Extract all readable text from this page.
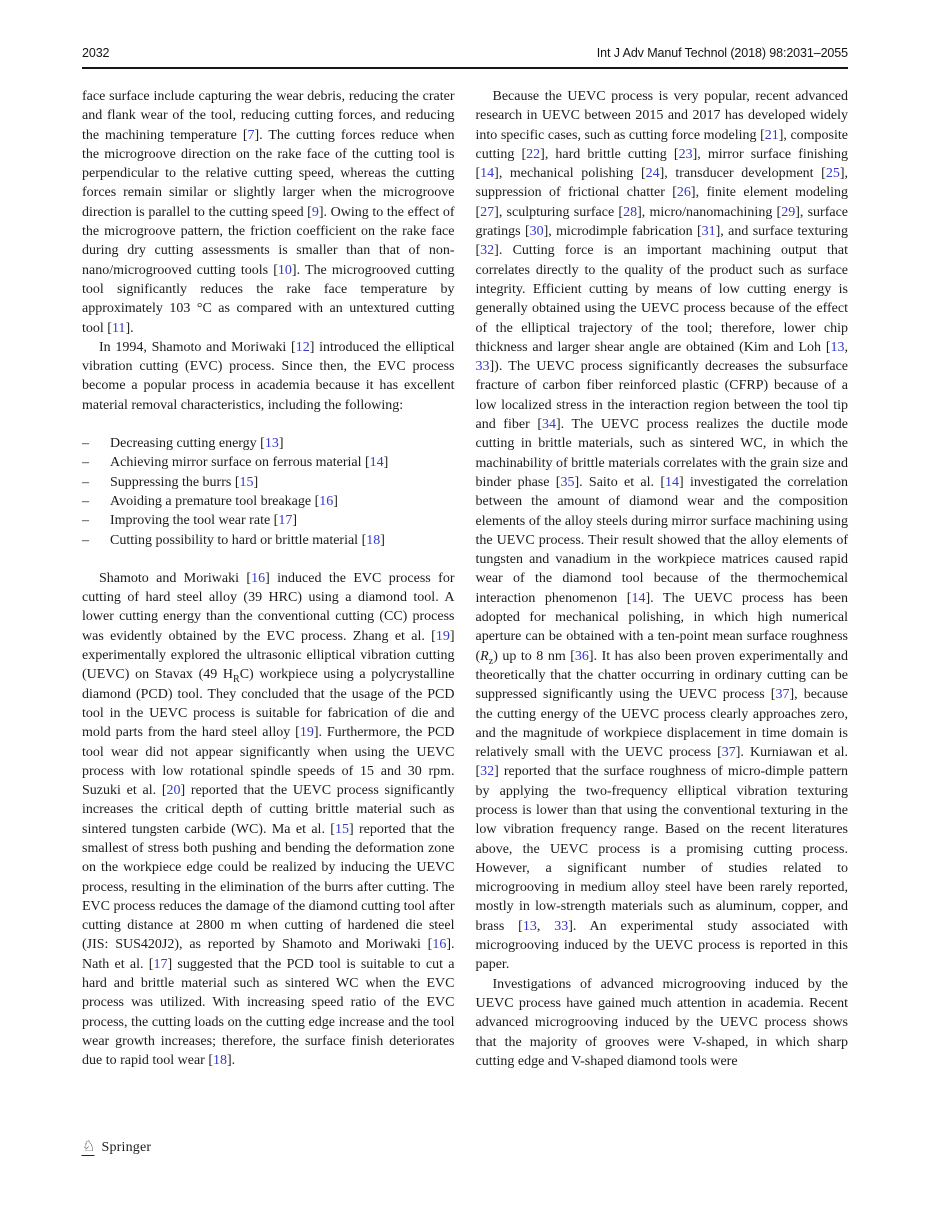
2032	Int J Adv Manuf Technol (2018) 98:2031–2055

face surface include capturing the wear debris, reducing the crater and flank wear of the tool, reducing cutting forces, and reducing the machining temperature [7]. The cutting forces reduce when the microgroove direction on the rake face of the cutting tool is perpendicular to the relative cutting speed, whereas the cutting forces remain similar or slightly larger when the microgroove direction is parallel to the cutting speed [9]. Owing to the effect of the microgroove pattern, the friction coefficient on the rake face during dry cutting assessments is smaller than that of non-nano/microgrooved cutting tools [10]. The microgrooved cutting tool significantly reduces the rake face temperature by approximately 103 °C as compared with an untextured cutting tool [11].

In 1994, Shamoto and Moriwaki [12] introduced the elliptical vibration cutting (EVC) process. Since then, the EVC process become a popular process in academia because it has excellent material removal characteristics, including the following:

–	Decreasing cutting energy [13]
–	Achieving mirror surface on ferrous material [14]
–	Suppressing the burrs [15]
–	Avoiding a premature tool breakage [16]
–	Improving the tool wear rate [17]
–	Cutting possibility to hard or brittle material [18]

Shamoto and Moriwaki [16] induced the EVC process for cutting of hard steel alloy (39 HRC) using a diamond tool. A lower cutting energy than the conventional cutting (CC) process was evidently obtained by the EVC process. Zhang et al. [19] experimentally explored the ultrasonic elliptical vibration cutting (UEVC) on Stavax (49 $H_RC$) workpiece using a polycrystalline diamond (PCD) tool. They concluded that the usage of the PCD tool in the UEVC process is suitable for fabrication of die and mold parts from the hard steel alloy [19]. Furthermore, the PCD tool wear did not appear significantly when using the UEVC process with low rotational spindle speeds of 15 and 30 rpm. Suzuki et al. [20] reported that the UEVC process significantly increases the critical depth of cutting brittle material such as sintered tungsten carbide (WC). Ma et al. [15] reported that the smallest of stress both pushing and bending the deformation zone on the workpiece edge could be realized by inducing the UEVC process, resulting in the elimination of the burrs after cutting. The EVC process reduces the damage of the diamond cutting tool after cutting distance at 2800 m when cutting of hardened die steel (JIS: SUS420J2), as reported by Shamoto and Moriwaki [16]. Nath et al. [17] suggested that the PCD tool is suitable to cut a hard and brittle material such as sintered WC when the EVC process was utilized. With increasing speed ratio of the EVC process, the cutting loads on the cutting edge increase and the tool wear growth increases; therefore, the surface finish deteriorates due to rapid tool wear [18].

Because the UEVC process is very popular, recent advanced research in UEVC between 2015 and 2017 has developed widely into specific cases, such as cutting force modeling [21], composite cutting [22], hard brittle cutting [23], mirror surface finishing [14], mechanical polishing [24], transducer development [25], suppression of frictional chatter [26], finite element modeling [27], sculpturing surface [28], micro/nanomachining [29], surface gratings [30], microdimple fabrication [31], and surface texturing [32]. Cutting force is an important machining output that correlates directly to the quality of the product such as surface integrity. Efficient cutting by means of low cutting energy is generally obtained using the UEVC process because of the effect of the elliptical trajectory of the tool; therefore, lower chip thickness and larger shear angle are obtained (Kim and Loh [13, 33]). The UEVC process significantly decreases the subsurface fracture of carbon fiber reinforced plastic (CFRP) because of a low localized stress in the interaction region between the tool tip and fiber [34]. The UEVC process realizes the ductile mode cutting in brittle materials, such as sintered WC, in which the machinability of brittle materials correlates with the grain size and binder phase [35]. Saito et al. [14] investigated the correlation between the amount of diamond wear and the composition elements of the alloy steels during mirror surface machining using the UEVC process. Their result showed that the alloy elements of tungsten and vanadium in the workpiece matrices caused rapid wear of the diamond tool because of the thermochemical interaction phenomenon [14]. The UEVC process has been adopted for mechanical polishing, in which high numerical aperture can be obtained with a ten-point mean surface roughness $(R_z)$ up to 8 nm [36]. It has also been proven experimentally and theoretically that the chatter occurring in ordinary cutting can be suppressed significantly using the UEVC process [37], because the cutting energy of the UEVC process clearly approaches zero, and the magnitude of workpiece displacement in time domain is relatively small with the UEVC process [37]. Kurniawan et al. [32] reported that the surface roughness of micro-dimple pattern by applying the two-frequency elliptical vibration texturing process is lower than that using the conventional texturing in the low vibration frequency range. Based on the recent literatures above, the UEVC process is a promising cutting process. However, a significant number of studies related to microgrooving in medium alloy steel have been rarely reported, mostly in low-strength materials such as aluminum, copper, and brass [13, 33]. An experimental study associated with microgrooving induced by the UEVC process is reported in this paper.

Investigations of advanced microgrooving induced by the UEVC process have gained much attention in academia. Recent advanced microgrooving induced by the UEVC process shows that the majority of grooves were V-shaped, in which sharp cutting edge and V-shaped diamond tools were

♘ Springer
